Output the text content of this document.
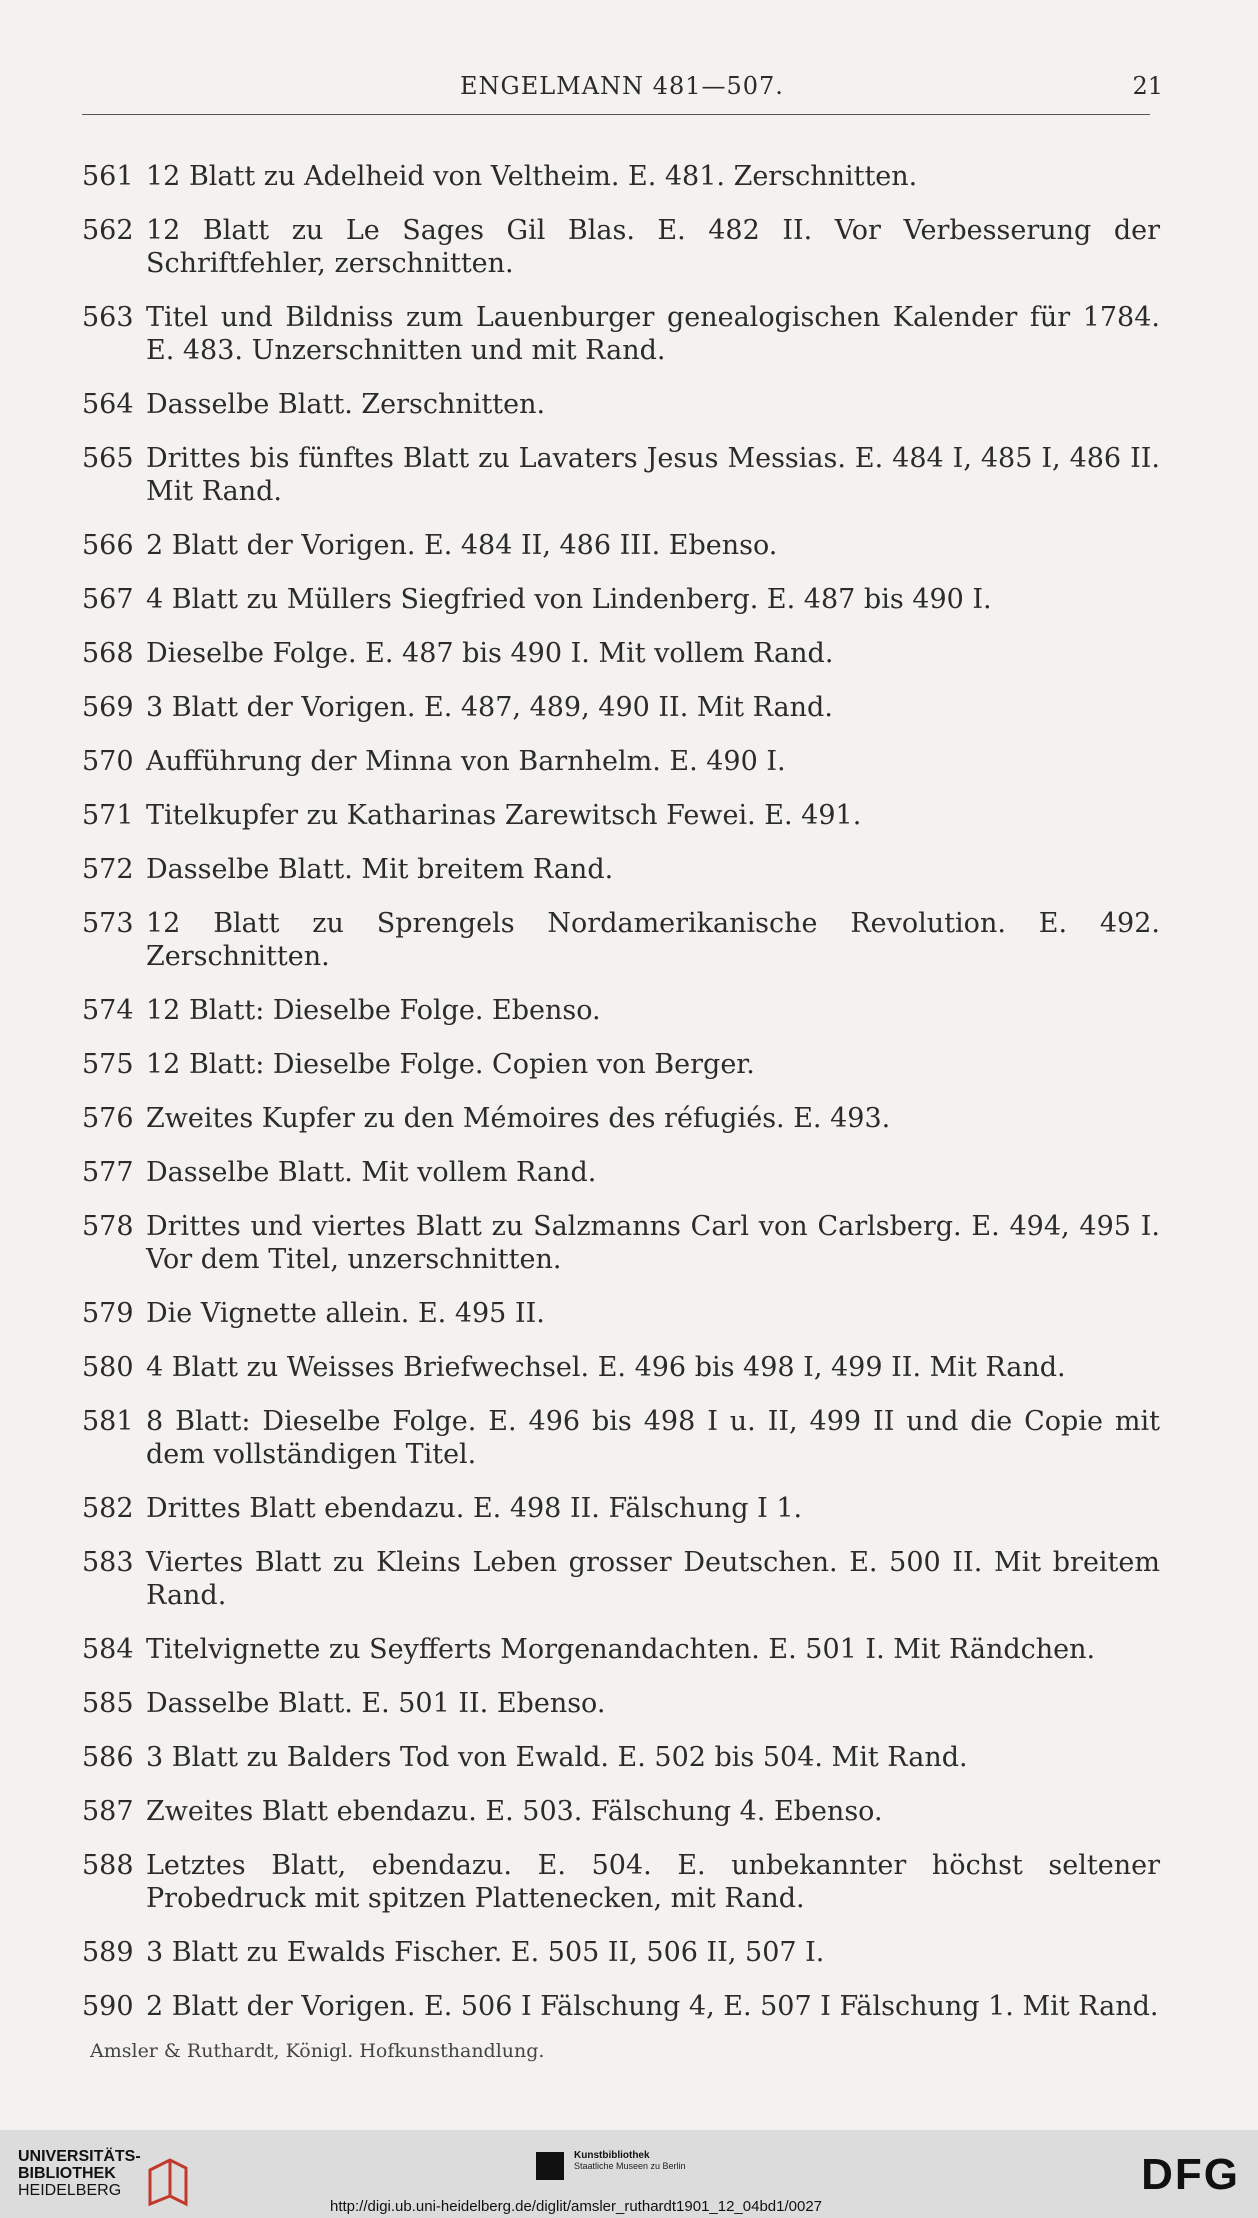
ENGELMANN 481—507.	21
561 12 Blatt zu Adelheid von Veltheim. E. 481. Zerschnitten.
562 12 Blatt zu Le Sages Gil Blas. E. 482 II. Vor Verbesserung der Schriftfehler, zerschnitten.
563 Titel und Bildniss zum Lauenburger genealogischen Kalender für 1784. E. 483. Unzerschnitten und mit Rand.
564 Dasselbe Blatt. Zerschnitten.
565 Drittes bis fünftes Blatt zu Lavaters Jesus Messias. E. 484 I, 485 I, 486 II. Mit Rand.
566 2 Blatt der Vorigen. E. 484 II, 486 III. Ebenso.
567 4 Blatt zu Müllers Siegfried von Lindenberg. E. 487 bis 490 I.
568 Dieselbe Folge. E. 487 bis 490 I. Mit vollem Rand.
569 3 Blatt der Vorigen. E. 487, 489, 490 II. Mit Rand.
570 Aufführung der Minna von Barnhelm. E. 490 I.
571 Titelkupfer zu Katharinas Zarewitsch Fewei. E. 491.
572 Dasselbe Blatt. Mit breitem Rand.
573 12 Blatt zu Sprengels Nordamerikanische Revolution. E. 492. Zerschnitten.
574 12 Blatt: Dieselbe Folge. Ebenso.
575 12 Blatt: Dieselbe Folge. Copien von Berger.
576 Zweites Kupfer zu den Mémoires des réfugiés. E. 493.
577 Dasselbe Blatt. Mit vollem Rand.
578 Drittes und viertes Blatt zu Salzmanns Carl von Carlsberg. E. 494, 495 I. Vor dem Titel, unzerschnitten.
579 Die Vignette allein. E. 495 II.
580 4 Blatt zu Weisses Briefwechsel. E. 496 bis 498 I, 499 II. Mit Rand.
581 8 Blatt: Dieselbe Folge. E. 496 bis 498 I u. II, 499 II und die Copie mit dem vollständigen Titel.
582 Drittes Blatt ebendazu. E. 498 II. Fälschung I 1.
583 Viertes Blatt zu Kleins Leben grosser Deutschen. E. 500 II. Mit breitem Rand.
584 Titelvignette zu Seyfferts Morgenandachten. E. 501 I. Mit Rändchen.
585 Dasselbe Blatt. E. 501 II. Ebenso.
586 3 Blatt zu Balders Tod von Ewald. E. 502 bis 504. Mit Rand.
587 Zweites Blatt ebendazu. E. 503. Fälschung 4. Ebenso.
588 Letztes Blatt, ebendazu. E. 504. E. unbekannter höchst seltener Probedruck mit spitzen Plattenecken, mit Rand.
589 3 Blatt zu Ewalds Fischer. E. 505 II, 506 II, 507 I.
590 2 Blatt der Vorigen. E. 506 I Fälschung 4, E. 507 I Fälschung 1. Mit Rand.
Amsler & Ruthardt, Königl. Hofkunsthandlung.
UNIVERSITÄTS-
BIBLIOTHEK
HEIDELBERG
Kunstbibliothek
Staatliche Museen zu Berlin	DFG
http://digi.ub.uni-heidelberg.de/diglit/amsler_ruthardt1901_12_04bd1/0027
